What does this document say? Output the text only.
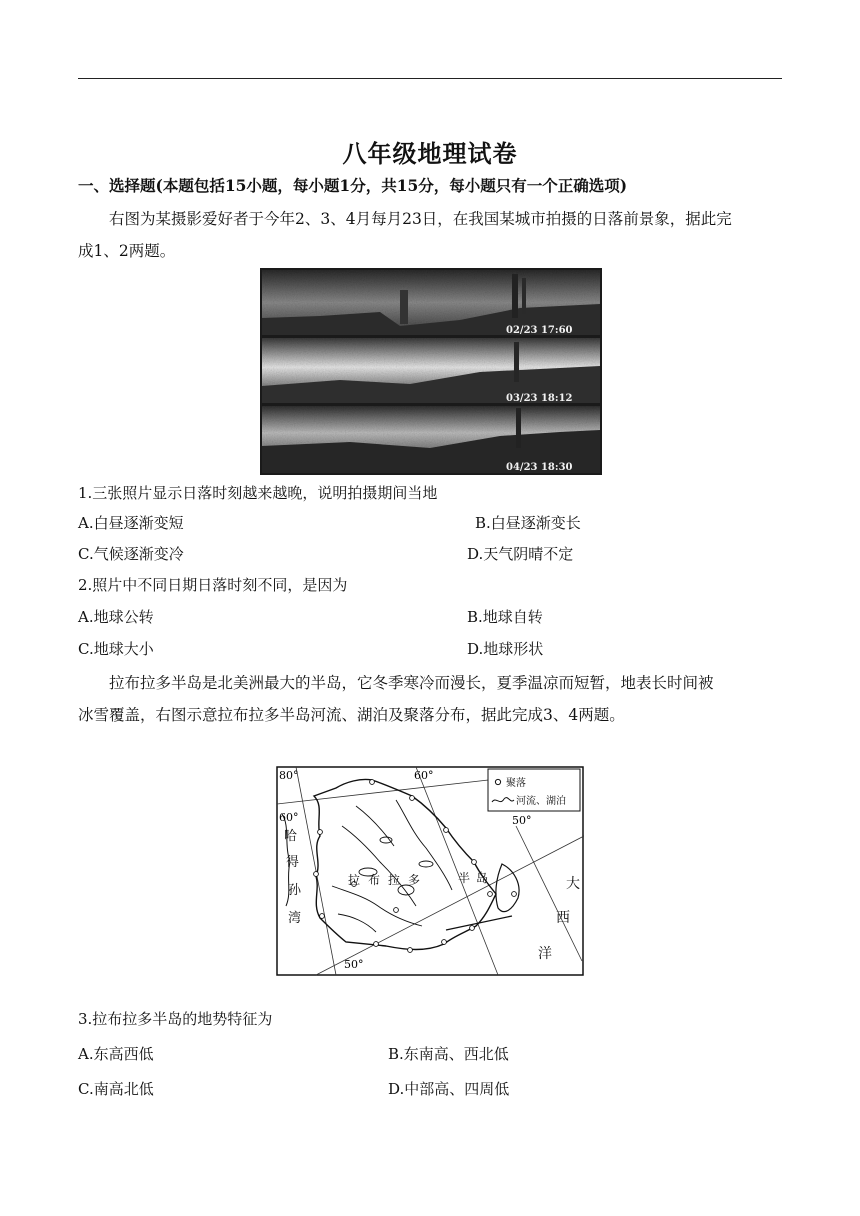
八年级地理试卷
一、选择题(本题包括15小题，每小题1分，共15分，每小题只有一个正确选项)

右图为某摄影爱好者于今年2、3、4月每月23日，在我国某城市拍摄的日落前景象，据此完成1、2两题。

02/23 17:60
03/23 18:12
04/23 18:30
1.三张照片显示日落时刻越来越晚，说明拍摄期间当地
A.白昼逐渐变短	B.白昼逐渐变长
C.气候逐渐变冷	D.天气阴晴不定
2.照片中不同日期日落时刻不同，是因为
A.地球公转	B.地球自转
C.地球大小	D.地球形状

拉布拉多半岛是北美洲最大的半岛，它冬季寒冷而漫长，夏季温凉而短暂，地表长时间被冰雪覆盖，右图示意拉布拉多半岛河流、湖泊及聚落分布，据此完成3、4两题。

聚落
河流、湖泊
80°
60°
60°
50°
50°
哈
得
孙
湾
拉 布 拉 多	半 岛	大
西
洋
3.拉布拉多半岛的地势特征为
A.东高西低	B.东南高、西北低
C.南高北低	D.中部高、四周低
